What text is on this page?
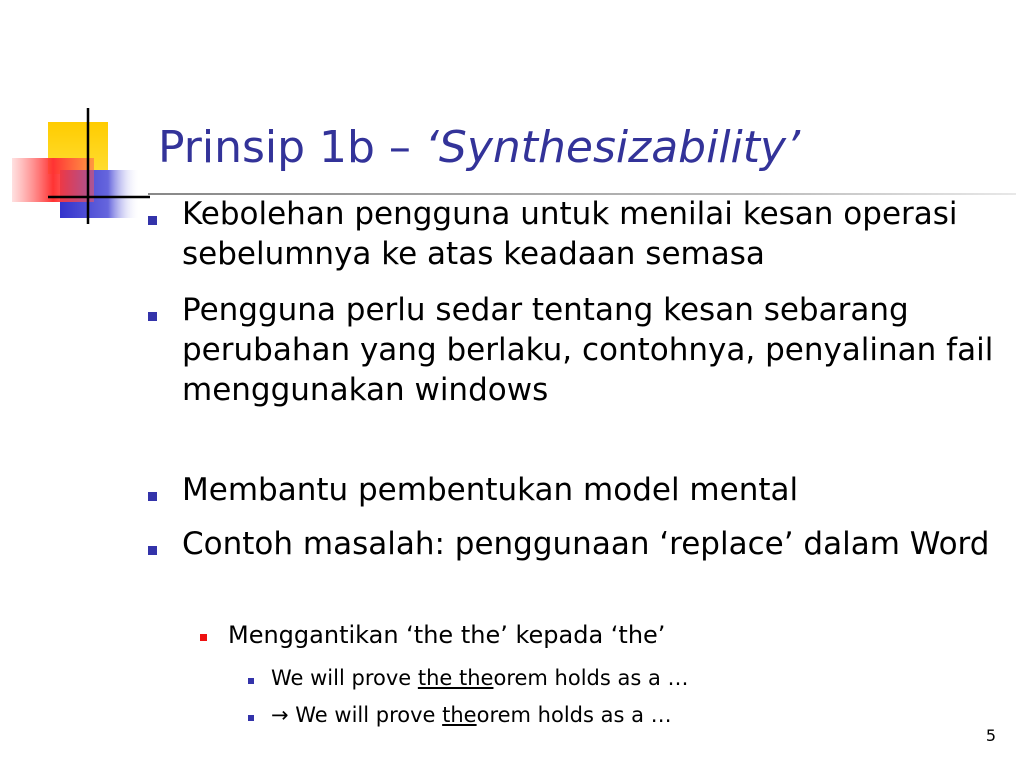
Prinsip 1b – ‘Synthesizability’
Kebolehan pengguna untuk menilai kesan operasi sebelumnya ke atas keadaan semasa
Pengguna perlu sedar tentang kesan sebarang perubahan yang berlaku, contohnya, penyalinan fail menggunakan windows
Membantu pembentukan model mental
Contoh masalah: penggunaan ‘replace’ dalam Word
Menggantikan ‘the the’ kepada ‘the’
We will prove the theorem holds as a …
→ We will prove theorem holds as a …
5
